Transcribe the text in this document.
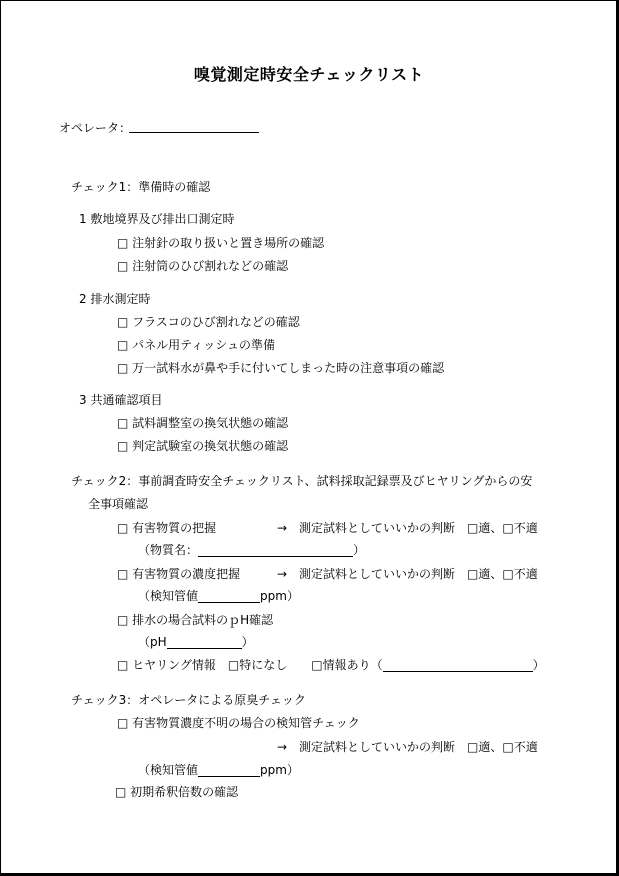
嗅覚測定時安全チェックリスト
オペレータ：
チェック1：準備時の確認
1 敷地境界及び排出口測定時
□ 注射針の取り扱いと置き場所の確認
□ 注射筒のひび割れなどの確認
2 排水測定時
□ フラスコのひび割れなどの確認
□ パネル用ティッシュの準備
□ 万一試料水が鼻や手に付いてしまった時の注意事項の確認
3 共通確認項目
□ 試料調整室の換気状態の確認
□ 判定試験室の換気状態の確認
チェック2：事前調査時安全チェックリスト、試料採取記録票及びヒヤリングからの安
全事項確認
□ 有害物質の把握	→　測定試料としていいかの判断　□適、□不適
（物質名：	）
□ 有害物質の濃度把握	→　測定試料としていいかの判断　□適、□不適
（検知管値	ppm）
□ 排水の場合試料のｐH確認
（pH	）
□ ヒヤリング情報　□特になし　　□情報あり（	）
チェック3：オペレータによる原臭チェック
□ 有害物質濃度不明の場合の検知管チェック
→　測定試料としていいかの判断　□適、□不適
（検知管値	ppm）
□ 初期希釈倍数の確認
